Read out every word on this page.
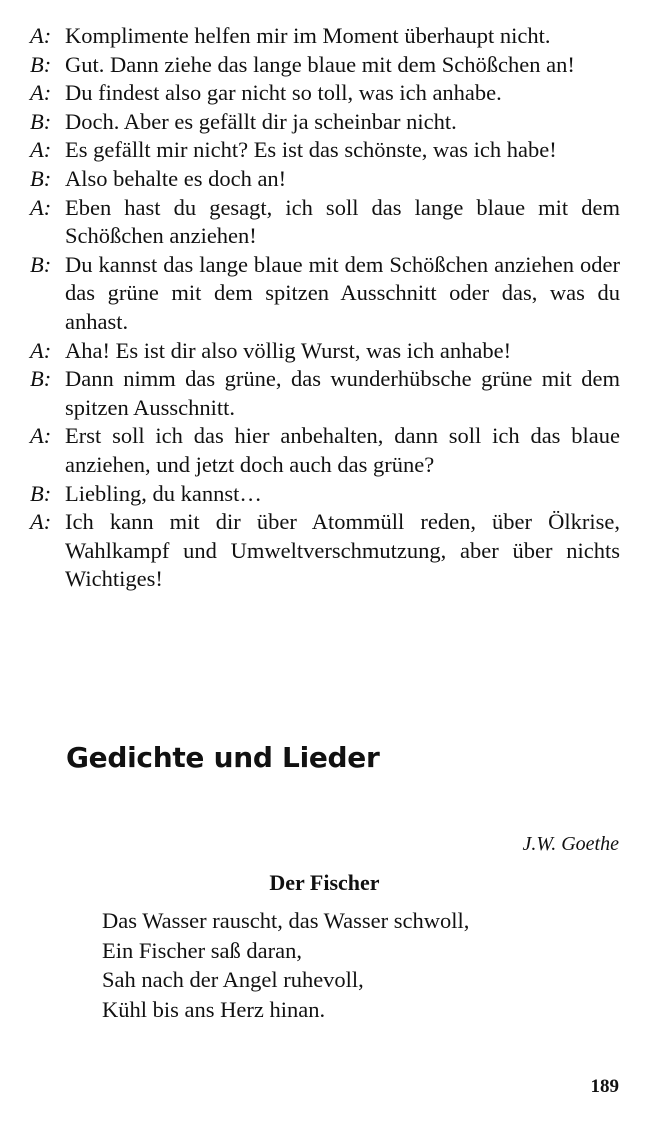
A: Komplimente helfen mir im Moment überhaupt nicht.
B: Gut. Dann ziehe das lange blaue mit dem Schößchen an!
A: Du findest also gar nicht so toll, was ich anhabe.
B: Doch. Aber es gefällt dir ja scheinbar nicht.
A: Es gefällt mir nicht? Es ist das schönste, was ich habe!
B: Also behalte es doch an!
A: Eben hast du gesagt, ich soll das lange blaue mit dem Schößchen anziehen!
B: Du kannst das lange blaue mit dem Schößchen anziehen oder das grüne mit dem spitzen Ausschnitt oder das, was du anhast.
A: Aha! Es ist dir also völlig Wurst, was ich anhabe!
B: Dann nimm das grüne, das wunderhübsche grüne mit dem spitzen Ausschnitt.
A: Erst soll ich das hier anbehalten, dann soll ich das blaue anziehen, und jetzt doch auch das grüne?
B: Liebling, du kannst…
A: Ich kann mit dir über Atommüll reden, über Ölkrise, Wahlkampf und Umweltverschmutzung, aber über nichts Wichtiges!
Gedichte und Lieder
J.W. Goethe
Der Fischer
Das Wasser rauscht, das Wasser schwoll,
Ein Fischer saß daran,
Sah nach der Angel ruhevoll,
Kühl bis ans Herz hinan.
189
